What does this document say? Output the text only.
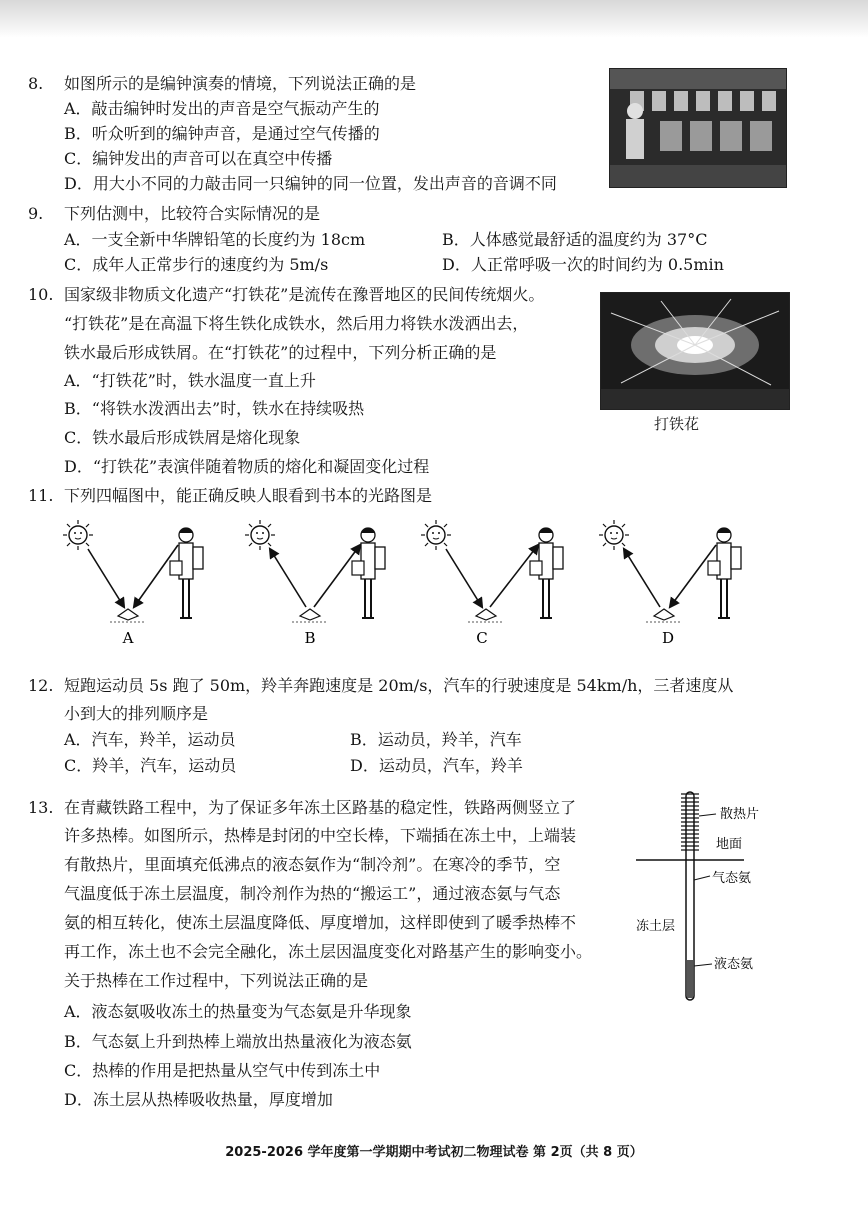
8. 如图所示的是编钟演奏的情境，下列说法正确的是
A．敲击编钟时发出的声音是空气振动产生的
B．听众听到的编钟声音，是通过空气传播的
C．编钟发出的声音可以在真空中传播
D．用大小不同的力敲击同一只编钟的同一位置，发出声音的音调不同
9. 下列估测中，比较符合实际情况的是
A．一支全新中华牌铅笔的长度约为 18cm	B．人体感觉最舒适的温度约为 37°C
C．成年人正常步行的速度约为 5m/s	D．人正常呼吸一次的时间约为 0.5min
10. 国家级非物质文化遗产“打铁花”是流传在豫晋地区的民间传统烟火。
“打铁花”是在高温下将生铁化成铁水，然后用力将铁水泼洒出去，
铁水最后形成铁屑。在“打铁花”的过程中，下列分析正确的是
A．“打铁花”时，铁水温度一直上升
B．“将铁水泼洒出去”时，铁水在持续吸热
C．铁水最后形成铁屑是熔化现象
D．“打铁花”表演伴随着物质的熔化和凝固变化过程
打铁花
11. 下列四幅图中，能正确反映人眼看到书本的光路图是
A	B	C	D
12. 短跑运动员 5s 跑了 50m，羚羊奔跑速度是 20m/s，汽车的行驶速度是 54km/h，三者速度从
小到大的排列顺序是
A．汽车，羚羊，运动员	B．运动员，羚羊，汽车
C．羚羊，汽车，运动员	D．运动员，汽车，羚羊
13. 在青藏铁路工程中，为了保证多年冻土区路基的稳定性，铁路两侧竖立了
许多热棒。如图所示，热棒是封闭的中空长棒，下端插在冻土中，上端装
有散热片，里面填充低沸点的液态氨作为“制冷剂”。在寒冷的季节，空
气温度低于冻土层温度，制冷剂作为热的“搬运工”，通过液态氨与气态
氨的相互转化，使冻土层温度降低、厚度增加，这样即使到了暖季热棒不
再工作，冻土也不会完全融化，冻土层因温度变化对路基产生的影响变小。
关于热棒在工作过程中，下列说法正确的是
A．液态氨吸收冻土的热量变为气态氨是升华现象
B．气态氨上升到热棒上端放出热量液化为液态氨
C．热棒的作用是把热量从空气中传到冻土中
D．冻土层从热棒吸收热量，厚度增加
散热片
地面
气态氨
冻土层
液态氨
2025-2026 学年度第一学期期中考试初二物理试卷 第 2页（共 8 页）
